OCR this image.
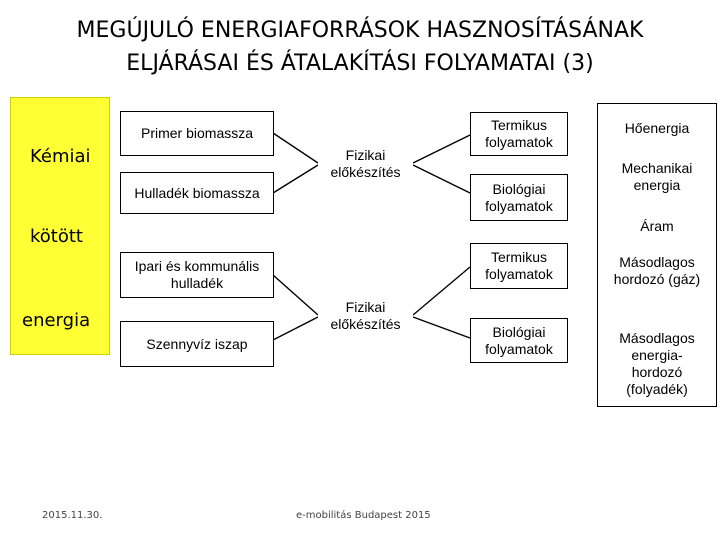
MEGÚJULÓ ENERGIAFORRÁSOK HASZNOSÍTÁSÁNAK
ELJÁRÁSAI ÉS ÁTALAKÍTÁSI FOLYAMATAI (3)
Kémiai
kötött
energia
Primer biomassza
Hulladék biomassza
Ipari és kommunális hulladék
Szennyvíz iszap
Fizikai előkészítés
Fizikai előkészítés
Termikus folyamatok
Biológiai folyamatok
Termikus folyamatok
Biológiai folyamatok
Hőenergia
Mechanikai energia
Áram
Másodlagos hordozó (gáz)
Másodlagos energia-hordozó (folyadék)
2015.11.30.	e-mobilitás Budapest 2015
